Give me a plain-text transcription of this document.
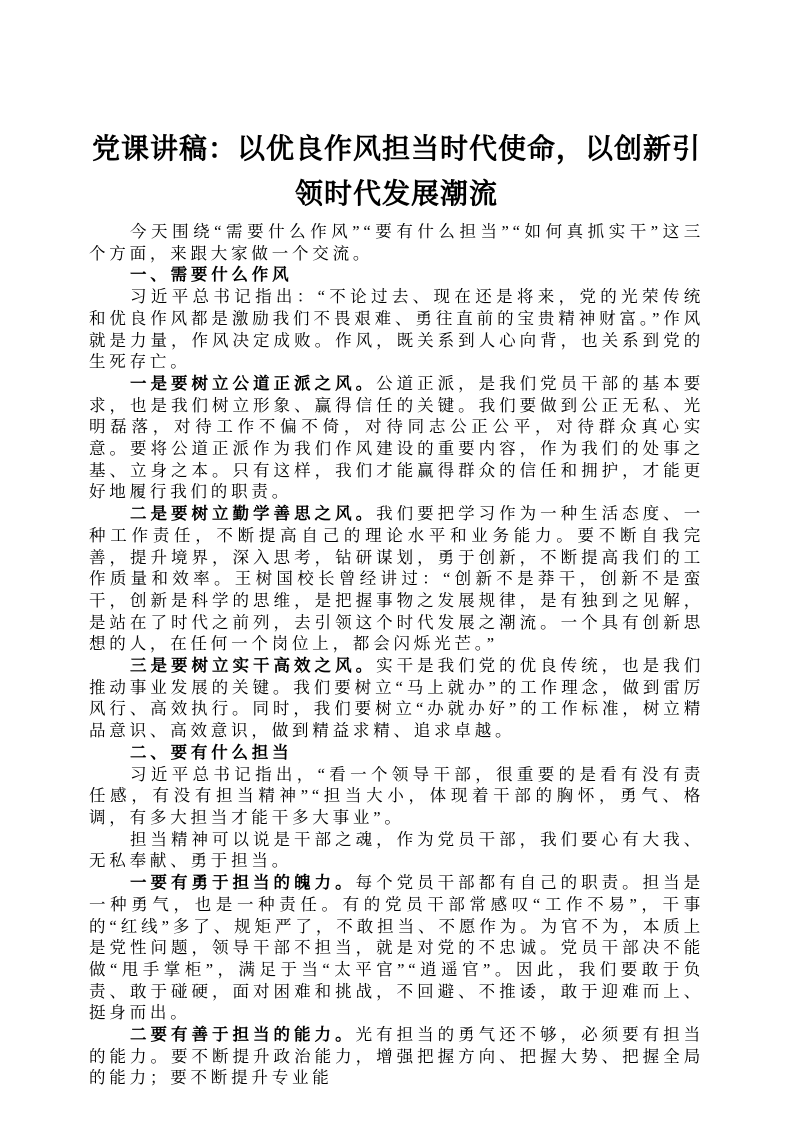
党课讲稿：以优良作风担当时代使命，以创新引领时代发展潮流

今天围绕“需要什么作风”“要有什么担当”“如何真抓实干”这三个方面，来跟大家做一个交流。

一、需要什么作风

习近平总书记指出：“不论过去、现在还是将来，党的光荣传统和优良作风都是激励我们不畏艰难、勇往直前的宝贵精神财富。”作风就是力量，作风决定成败。作风，既关系到人心向背，也关系到党的生死存亡。

一是要树立公道正派之风。公道正派，是我们党员干部的基本要求，也是我们树立形象、赢得信任的关键。我们要做到公正无私、光明磊落，对待工作不偏不倚，对待同志公正公平，对待群众真心实意。要将公道正派作为我们作风建设的重要内容，作为我们的处事之基、立身之本。只有这样，我们才能赢得群众的信任和拥护，才能更好地履行我们的职责。

二是要树立勤学善思之风。我们要把学习作为一种生活态度、一种工作责任，不断提高自己的理论水平和业务能力。要不断自我完善，提升境界，深入思考，钻研谋划，勇于创新，不断提高我们的工作质量和效率。王树国校长曾经讲过：“创新不是莽干，创新不是蛮干，创新是科学的思维，是把握事物之发展规律，是有独到之见解，是站在了时代之前列，去引领这个时代发展之潮流。一个具有创新思想的人，在任何一个岗位上，都会闪烁光芒。”

三是要树立实干高效之风。实干是我们党的优良传统，也是我们推动事业发展的关键。我们要树立“马上就办”的工作理念，做到雷厉风行、高效执行。同时，我们要树立“办就办好”的工作标准，树立精品意识、高效意识，做到精益求精、追求卓越。

二、要有什么担当

习近平总书记指出，“看一个领导干部，很重要的是看有没有责任感，有没有担当精神”“担当大小，体现着干部的胸怀，勇气、格调，有多大担当才能干多大事业”。

担当精神可以说是干部之魂，作为党员干部，我们要心有大我、无私奉献、勇于担当。

一要有勇于担当的魄力。每个党员干部都有自己的职责。担当是一种勇气，也是一种责任。有的党员干部常感叹“工作不易”，干事的“红线”多了、规矩严了，不敢担当、不愿作为。为官不为，本质上是党性问题，领导干部不担当，就是对党的不忠诚。党员干部决不能做“甩手掌柜”，满足于当“太平官”“逍遥官”。因此，我们要敢于负责、敢于碰硬，面对困难和挑战，不回避、不推诿，敢于迎难而上、挺身而出。

二要有善于担当的能力。光有担当的勇气还不够，必须要有担当的能力。要不断提升政治能力，增强把握方向、把握大势、把握全局的能力；要不断提升专业能
